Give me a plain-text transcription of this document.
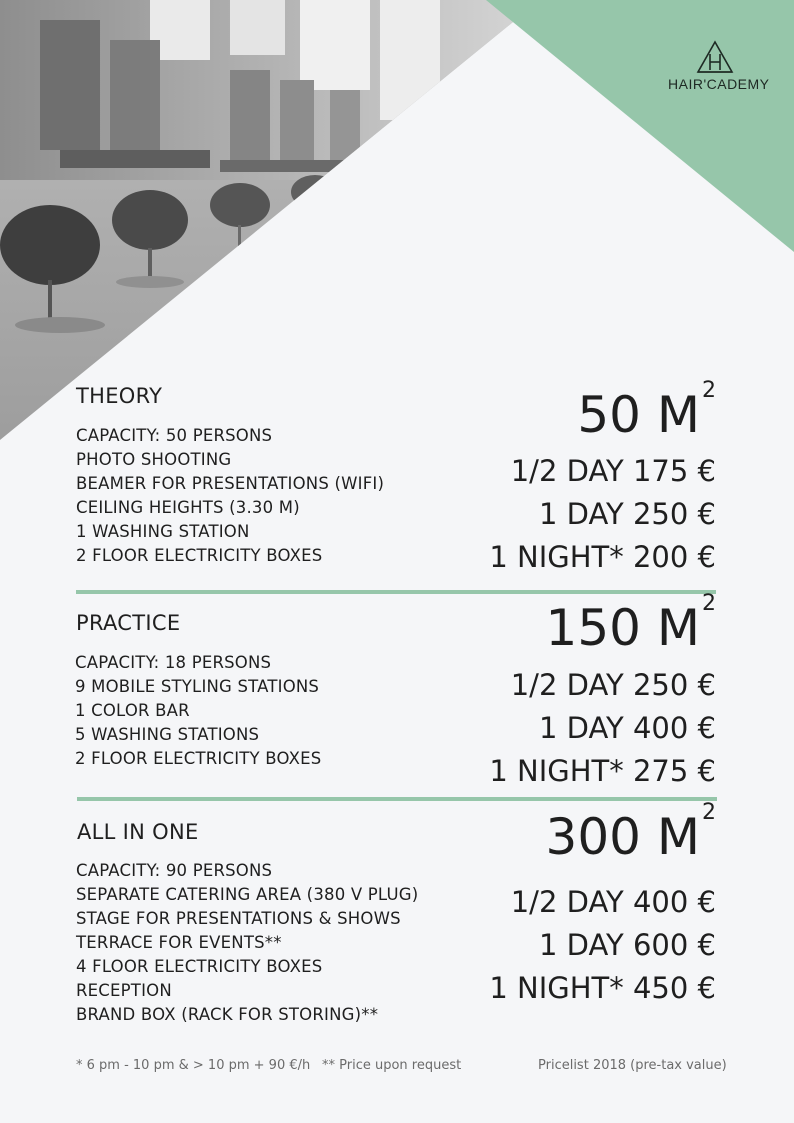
HAIR'CADEMY
THEORY	50 $M^2$
CAPACITY: 50 PERSONS
PHOTO SHOOTING
BEAMER FOR PRESENTATIONS (WIFI)
CEILING HEIGHTS (3.30 M)
1 WASHING STATION
2 FLOOR ELECTRICITY BOXES
1/2 DAY 175 €
1 DAY 250 €
1 NIGHT* 200 €
PRACTICE	150 $M^2$
CAPACITY: 18 PERSONS
9 MOBILE STYLING STATIONS
1 COLOR BAR
5 WASHING STATIONS
2 FLOOR ELECTRICITY BOXES
1/2 DAY 250 €
1 DAY 400 €
1 NIGHT* 275 €
ALL IN ONE	300 $M^2$
CAPACITY: 90 PERSONS
SEPARATE CATERING AREA (380 V PLUG)
STAGE FOR PRESENTATIONS & SHOWS
TERRACE FOR EVENTS**
4 FLOOR ELECTRICITY BOXES
RECEPTION
BRAND BOX (RACK FOR STORING)**
1/2 DAY 400 €
1 DAY 600 €
1 NIGHT* 450 €
* 6 pm - 10 pm & > 10 pm + 90 €/h ** Price upon request	Pricelist 2018 (pre-tax value)
